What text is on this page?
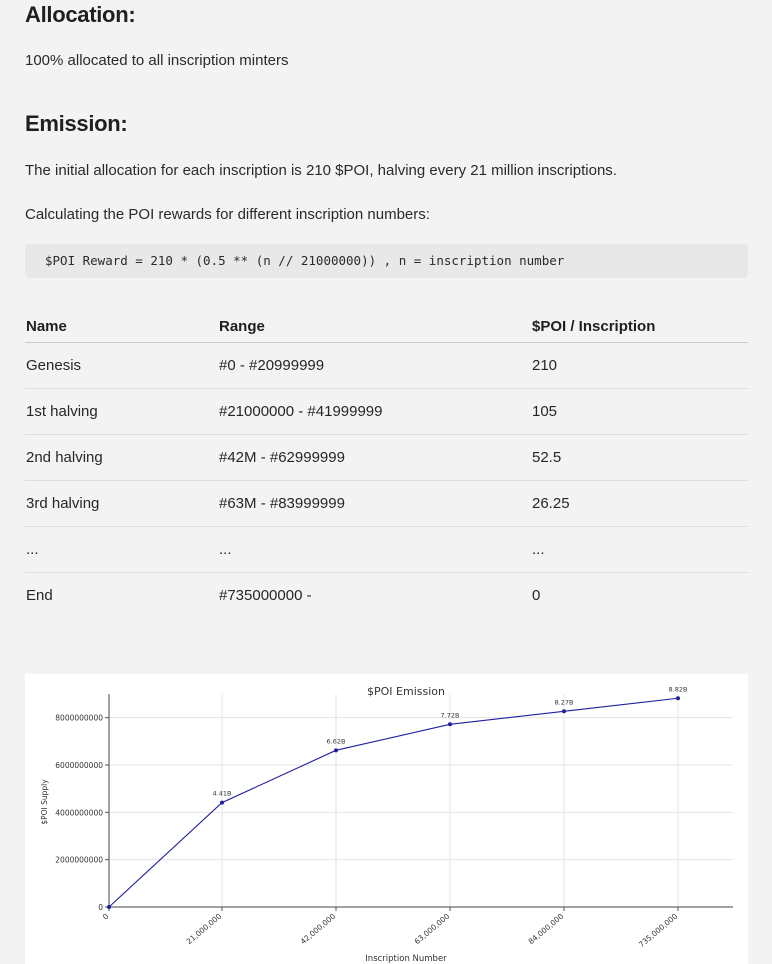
Allocation:

100% allocated to all inscription minters

Emission:

The initial allocation for each inscription is 210 $POI, halving every 21 million inscriptions.

Calculating the POI rewards for different inscription numbers:

$POI Reward = 210 * (0.5 ** (n // 21000000)) , n = inscription number
Name	Range	$POI / Inscription
Genesis	#0 - #20999999	210
1st halving	#21000000 - #41999999	105
2nd halving	#42M - #62999999	52.5
3rd halving	#63M - #83999999	26.25
...	...	...
End	#735000000 -	0
0
2000000000
4000000000
6000000000
8000000000
0	21,000,000	42,000,000	63,000,000	84,000,000	735,000,000
$POI Emission
Inscription Number
$POI Supply	4.41B
6.62B
7.72B
8.27B
8.82B
